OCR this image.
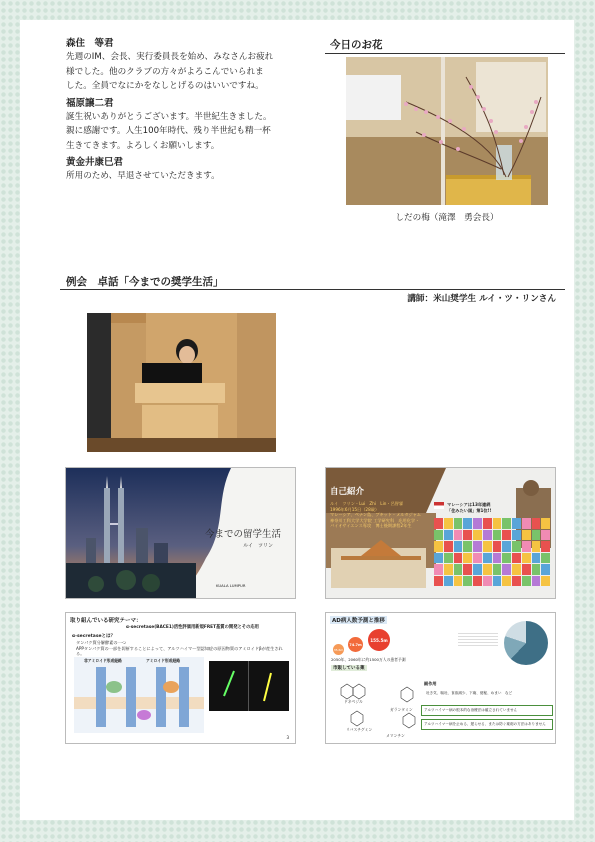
森住　等君
先週のIM、会長、実行委員長を始め、みなさんお疲れ
様でした。他のクラブの方々がよろこんでいられま
した。全員でなにかをなしとげるのはいいですね。
福原譲二君
誕生祝いありがとうございます。半世紀生きました。
親に感謝です。人生100年時代、残り半世紀も精一杯
生きてきます。よろしくお願いします。
黄金井康巳君
所用のため、早退させていただきます。
今日のお花
しだの梅（滝澤　勇会長）
例会　卓話「今までの奨学生活」
講師：米山奨学生 ルイ・ツ・リンさん
今までの留学生活
ルイ　ツリン
KUALA LUMPUR
自己紹介
ルイ　ツリン・Lui　Zhi　Lin・呂智霖
1996年6月15日（28歳）
マレーシア、ペナン島、ブキット・メルタジャム
神奈川工科大学大学院 工学研究科　応用化学・
バイオサイエンス専攻　博士後期課程2年生
マレーシアは13年連続
「住みたい国」第1位!!
取り組んでいる研究テーマ：
α-secretase(BACE1)活性評価用新規FRET基質の開発とその応用
α-secretaseとは？
タンパク質分解酵素の一つ
APPタンパク質の一部を切断することによって、アルツハイマー型認知症の原因物質のアミロイドβが産生される。
非アミロイド形成経路	アミロイド形成経路
3
AD病人数予測と推移
155.5m
74.7m
35.6m
2050年、2060年に約1500万人の患者予測
市販している薬
ドネペジル
ガランタミン
リバスチグミン
メマンチン
副作用
吐き気、嘔吐、食欲減少、下痢、便秘、めまい　など
アルツハイマー病の根本的な治療法は確立されていません
アルツハイマー病を止める、遅らせる、または防ぐ薬剤の方法はありません
